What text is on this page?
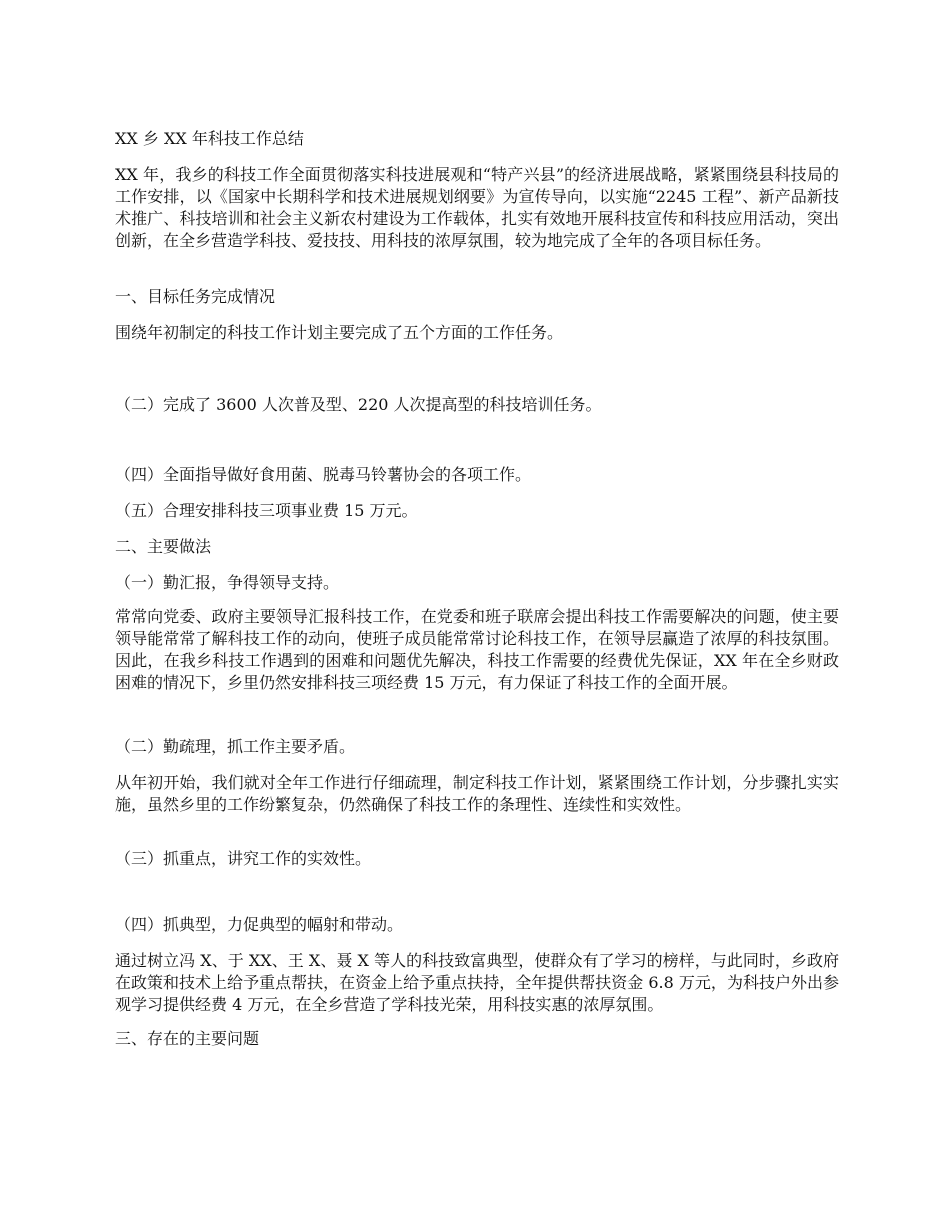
XX 乡 XX 年科技工作总结

XX 年，我乡的科技工作全面贯彻落实科技进展观和“特产兴县”的经济进展战略，紧紧围绕县科技局的工作安排，以《国家中长期科学和技术进展规划纲要》为宣传导向，以实施“2245 工程”、新产品新技术推广、科技培训和社会主义新农村建设为工作载体，扎实有效地开展科技宣传和科技应用活动，突出创新，在全乡营造学科技、爱技技、用科技的浓厚氛围，较为地完成了全年的各项目标任务。

一、目标任务完成情况

围绕年初制定的科技工作计划主要完成了五个方面的工作任务。

（二）完成了 3600 人次普及型、220 人次提高型的科技培训任务。

（四）全面指导做好食用菌、脱毒马铃薯协会的各项工作。

（五）合理安排科技三项事业费 15 万元。

二、主要做法

（一）勤汇报，争得领导支持。

常常向党委、政府主要领导汇报科技工作，在党委和班子联席会提出科技工作需要解决的问题，使主要领导能常常了解科技工作的动向，使班子成员能常常讨论科技工作，在领导层赢造了浓厚的科技氛围。因此，在我乡科技工作遇到的困难和问题优先解决，科技工作需要的经费优先保证，XX 年在全乡财政困难的情况下，乡里仍然安排科技三项经费 15 万元，有力保证了科技工作的全面开展。

（二）勤疏理，抓工作主要矛盾。

从年初开始，我们就对全年工作进行仔细疏理，制定科技工作计划，紧紧围绕工作计划，分步骤扎实实施，虽然乡里的工作纷繁复杂，仍然确保了科技工作的条理性、连续性和实效性。

（三）抓重点，讲究工作的实效性。

（四）抓典型，力促典型的幅射和带动。

通过树立冯 X、于 XX、王 X、聂 X 等人的科技致富典型，使群众有了学习的榜样，与此同时，乡政府在政策和技术上给予重点帮扶，在资金上给予重点扶持，全年提供帮扶资金 6.8 万元，为科技户外出参观学习提供经费 4 万元，在全乡营造了学科技光荣，用科技实惠的浓厚氛围。

三、存在的主要问题
